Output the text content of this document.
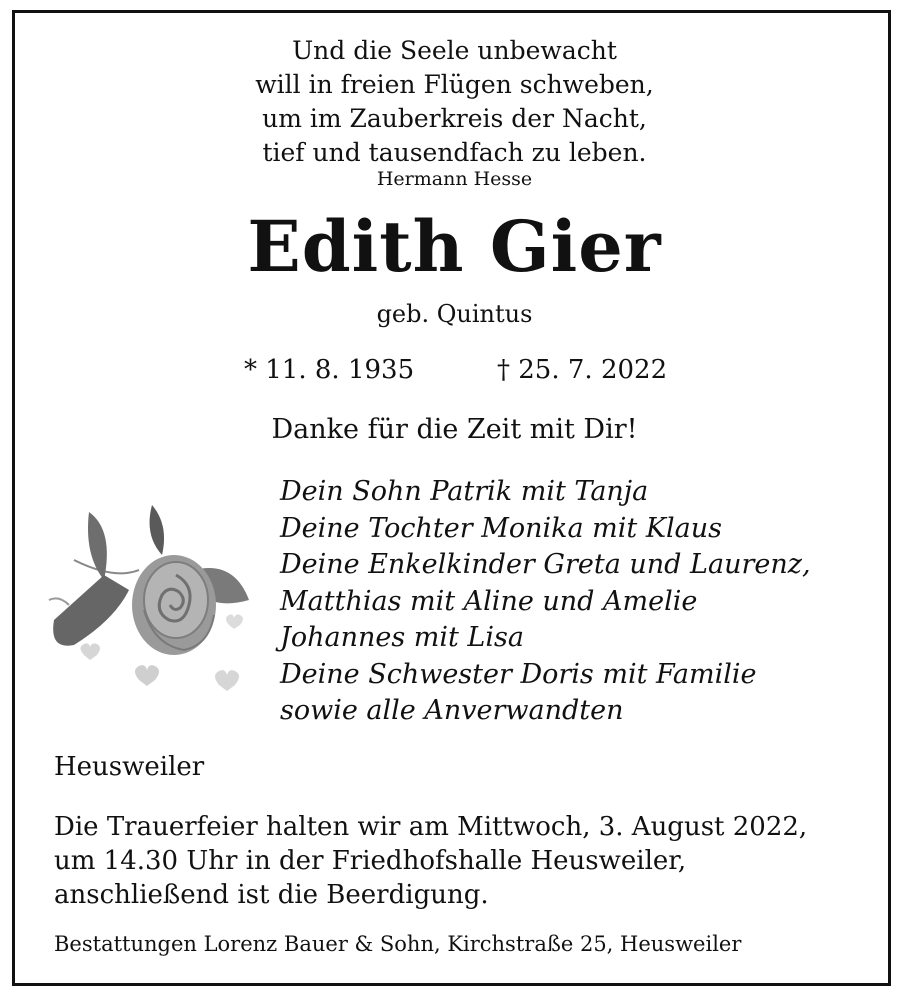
Und die Seele unbewacht
will in freien Flügen schweben,
um im Zauberkreis der Nacht,
tief und tausendfach zu leben.
Hermann Hesse
Edith Gier
geb. Quintus
* 11. 8. 1935	† 25. 7. 2022
Danke für die Zeit mit Dir!
Dein Sohn Patrik mit Tanja
Deine Tochter Monika mit Klaus
Deine Enkelkinder Greta und Laurenz,
Matthias mit Aline und Amelie
Johannes mit Lisa
Deine Schwester Doris mit Familie
sowie alle Anverwandten
Heusweiler
Die Trauerfeier halten wir am Mittwoch, 3. August 2022,
um 14.30 Uhr in der Friedhofshalle Heusweiler,
anschließend ist die Beerdigung.
Bestattungen Lorenz Bauer & Sohn, Kirchstraße 25, Heusweiler
